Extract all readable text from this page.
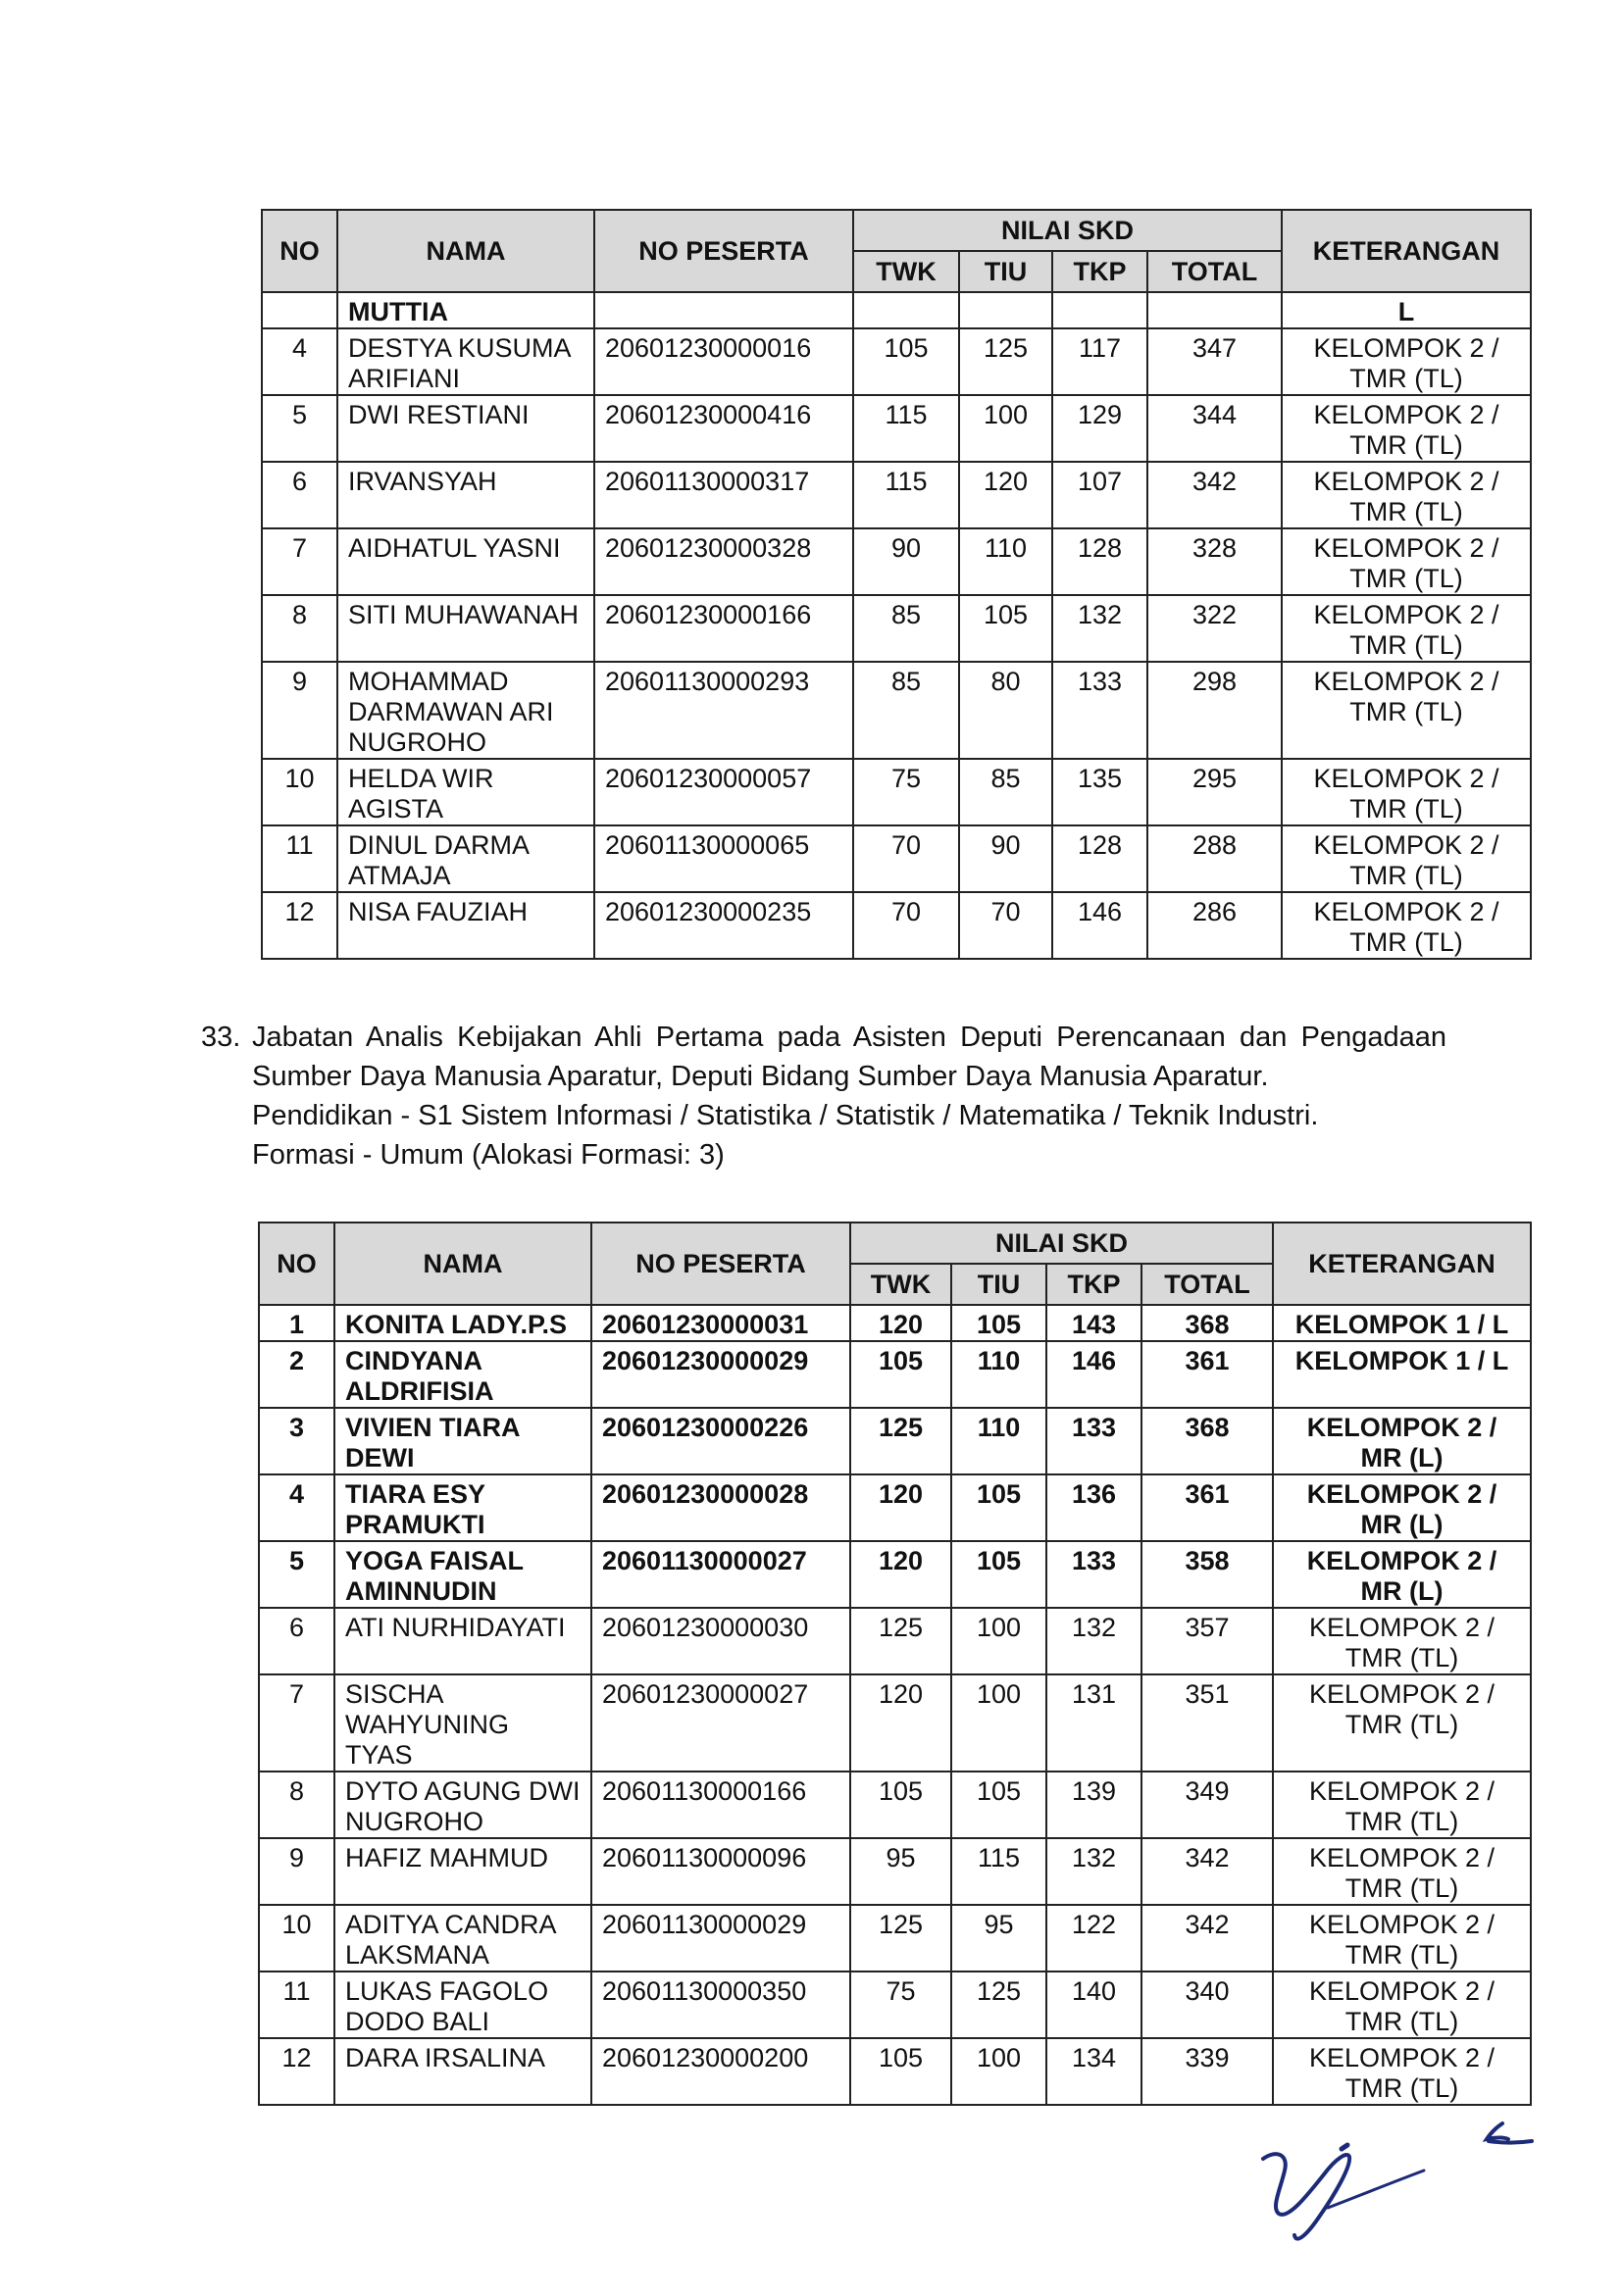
NO	NAMA	NO PESERTA	NILAI SKD				KETERANGAN
			TWK	TIU	TKP	TOTAL	
	MUTTIA						L
4	DESTYA KUSUMA ARIFIANI	20601230000016	105	125	117	347	KELOMPOK 2 / TMR (TL)
5	DWI RESTIANI	20601230000416	115	100	129	344	KELOMPOK 2 / TMR (TL)
6	IRVANSYAH	20601130000317	115	120	107	342	KELOMPOK 2 / TMR (TL)
7	AIDHATUL YASNI	20601230000328	90	110	128	328	KELOMPOK 2 / TMR (TL)
8	SITI MUHAWANAH	20601230000166	85	105	132	322	KELOMPOK 2 / TMR (TL)
9	MOHAMMAD DARMAWAN ARI NUGROHO	20601130000293	85	80	133	298	KELOMPOK 2 / TMR (TL)
10	HELDA WIR AGISTA	20601230000057	75	85	135	295	KELOMPOK 2 / TMR (TL)
11	DINUL DARMA ATMAJA	20601130000065	70	90	128	288	KELOMPOK 2 / TMR (TL)
12	NISA FAUZIAH	20601230000235	70	70	146	286	KELOMPOK 2 / TMR (TL)
33. Jabatan Analis Kebijakan Ahli Pertama pada Asisten Deputi Perencanaan dan Pengadaan Sumber Daya Manusia Aparatur, Deputi Bidang Sumber Daya Manusia Aparatur.
Pendidikan - S1 Sistem Informasi / Statistika / Statistik / Matematika / Teknik Industri.
Formasi - Umum (Alokasi Formasi: 3)
NO	NAMA	NO PESERTA	NILAI SKD				KETERANGAN
			TWK	TIU	TKP	TOTAL	
1	KONITA LADY.P.S	20601230000031	120	105	143	368	KELOMPOK 1 / L
2	CINDYANA ALDRIFISIA	20601230000029	105	110	146	361	KELOMPOK 1 / L
3	VIVIEN TIARA DEWI	20601230000226	125	110	133	368	KELOMPOK 2 / MR (L)
4	TIARA ESY PRAMUKTI	20601230000028	120	105	136	361	KELOMPOK 2 / MR (L)
5	YOGA FAISAL AMINNUDIN	20601130000027	120	105	133	358	KELOMPOK 2 / MR (L)
6	ATI NURHIDAYATI	20601230000030	125	100	132	357	KELOMPOK 2 / TMR (TL)
7	SISCHA WAHYUNING TYAS	20601230000027	120	100	131	351	KELOMPOK 2 / TMR (TL)
8	DYTO AGUNG DWI NUGROHO	20601130000166	105	105	139	349	KELOMPOK 2 / TMR (TL)
9	HAFIZ MAHMUD	20601130000096	95	115	132	342	KELOMPOK 2 / TMR (TL)
10	ADITYA CANDRA LAKSMANA	20601130000029	125	95	122	342	KELOMPOK 2 / TMR (TL)
11	LUKAS FAGOLO DODO BALI	20601130000350	75	125	140	340	KELOMPOK 2 / TMR (TL)
12	DARA IRSALINA	20601230000200	105	100	134	339	KELOMPOK 2 / TMR (TL)
